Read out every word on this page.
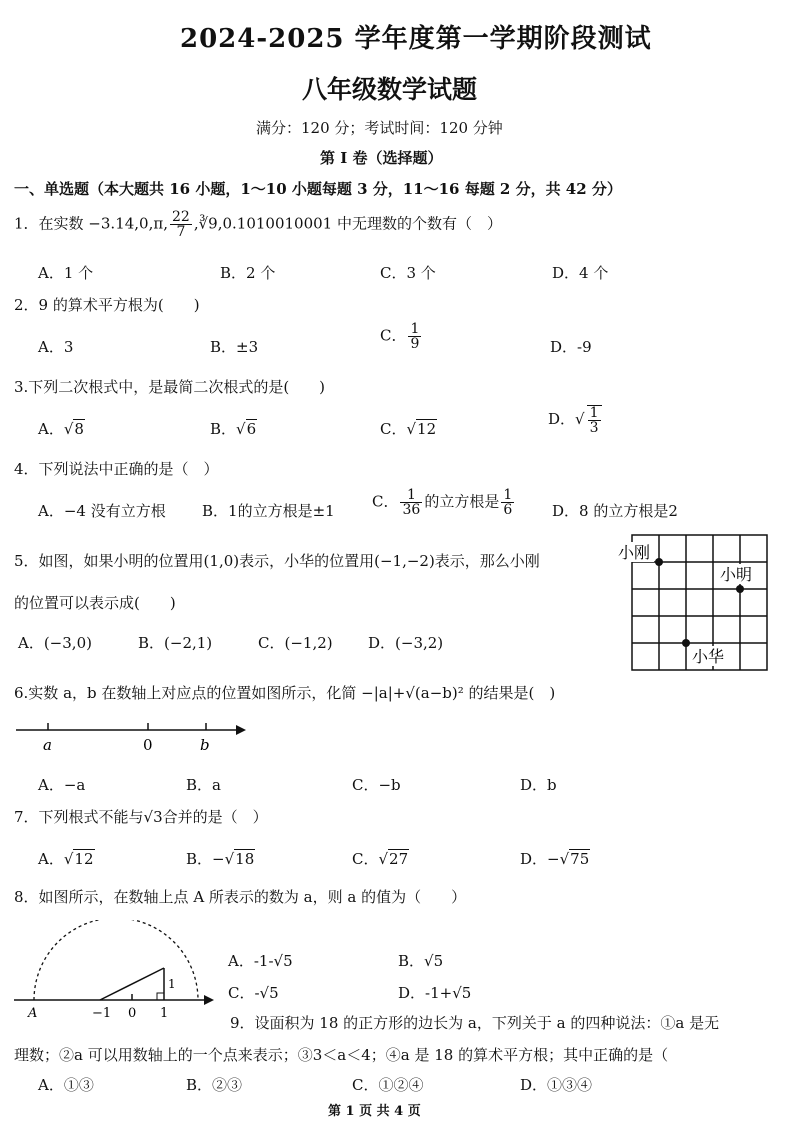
2024-2025 学年度第一学期阶段测试
八年级数学试题
满分：120 分；考试时间：120 分钟
第 I 卷（选择题）
一、单选题（本大题共 16 小题，1～10 小题每题 3 分，11～16 每题 2 分，共 42 分）
1．在实数 −3.14,0,π, $\frac{22}{7}$ ,∛9,0.1010010001 中无理数的个数有（　）
A．1 个	B．2 个	C．3 个	D．4 个
2．9 的算术平方根为(　　)
A．3	B．±3
C． $\frac{1}{9}$	D．-9
3.下列二次根式中，是最简二次根式的是(　　)
A．√8	B．√6	C．√12
D．√ $\frac{1}{3}$
4．下列说法中正确的是（　）
A．−4 没有立方根 B．1的立方根是±1
C． $\frac{1}{36}$ 的立方根是 $\frac{1}{6}$	D．8 的立方根是2
5．如图，如果小明的位置用(1,0)表示，小华的位置用(−1,−2)表示，那么小刚
的位置可以表示成(　　)
A．(−3,0)	B．(−2,1)	C．(−1,2) D．(−3,2)
小刚
小明
小华
6.实数 a，b 在数轴上对应点的位置如图所示，化简 −|a|+√(a−b)² 的结果是(　)
a	0	b
A．−a	B．a	C．−b	D．b
7．下列根式不能与√3合并的是（　）
A．√12	B．−√18	C．√27	D．−√75
8．如图所示，在数轴上点 A 所表示的数为 a，则 a 的值为（　　）
A	−1 0 1
1
A．-1-√5	B．√5
C．-√5	D．-1+√5
9．设面积为 18 的正方形的边长为 a，下列关于 a 的四种说法：①a 是无
理数；②a 可以用数轴上的一个点来表示；③3＜a＜4；④a 是 18 的算术平方根；其中正确的是（
A．①③	B．②③	C．①②④	D．①③④
第 1 页 共 4 页
